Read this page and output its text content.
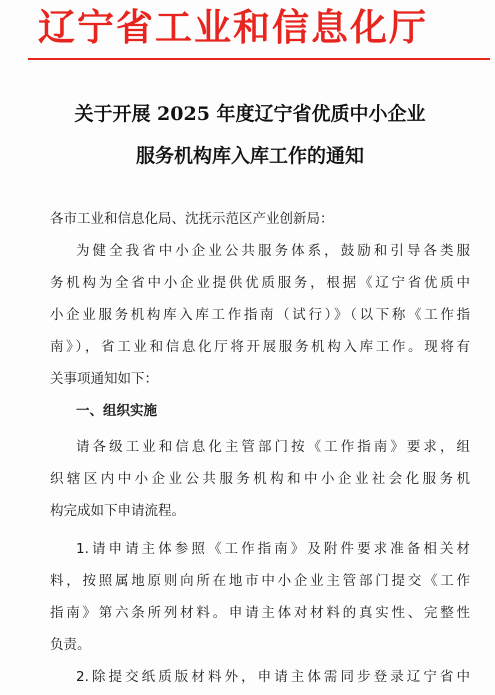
辽宁省工业和信息化厅
关于开展 2025 年度辽宁省优质中小企业
服务机构库入库工作的通知
各市工业和信息化局、沈抚示范区产业创新局：
为健全我省中小企业公共服务体系，鼓励和引导各类服
务机构为全省中小企业提供优质服务，根据《辽宁省优质中
小企业服务机构库入库工作指南（试行）》（以下称《工作指
南》），省工业和信息化厅将开展服务机构入库工作。现将有
关事项通知如下：
一、组织实施
请各级工业和信息化主管部门按《工作指南》要求，组
织辖区内中小企业公共服务机构和中小企业社会化服务机
构完成如下申请流程。
1.请申请主体参照《工作指南》及附件要求准备相关材
料，按照属地原则向所在地市中小企业主管部门提交《工作
指南》第六条所列材料。申请主体对材料的真实性、完整性
负责。
2.除提交纸质版材料外，申请主体需同步登录辽宁省中
